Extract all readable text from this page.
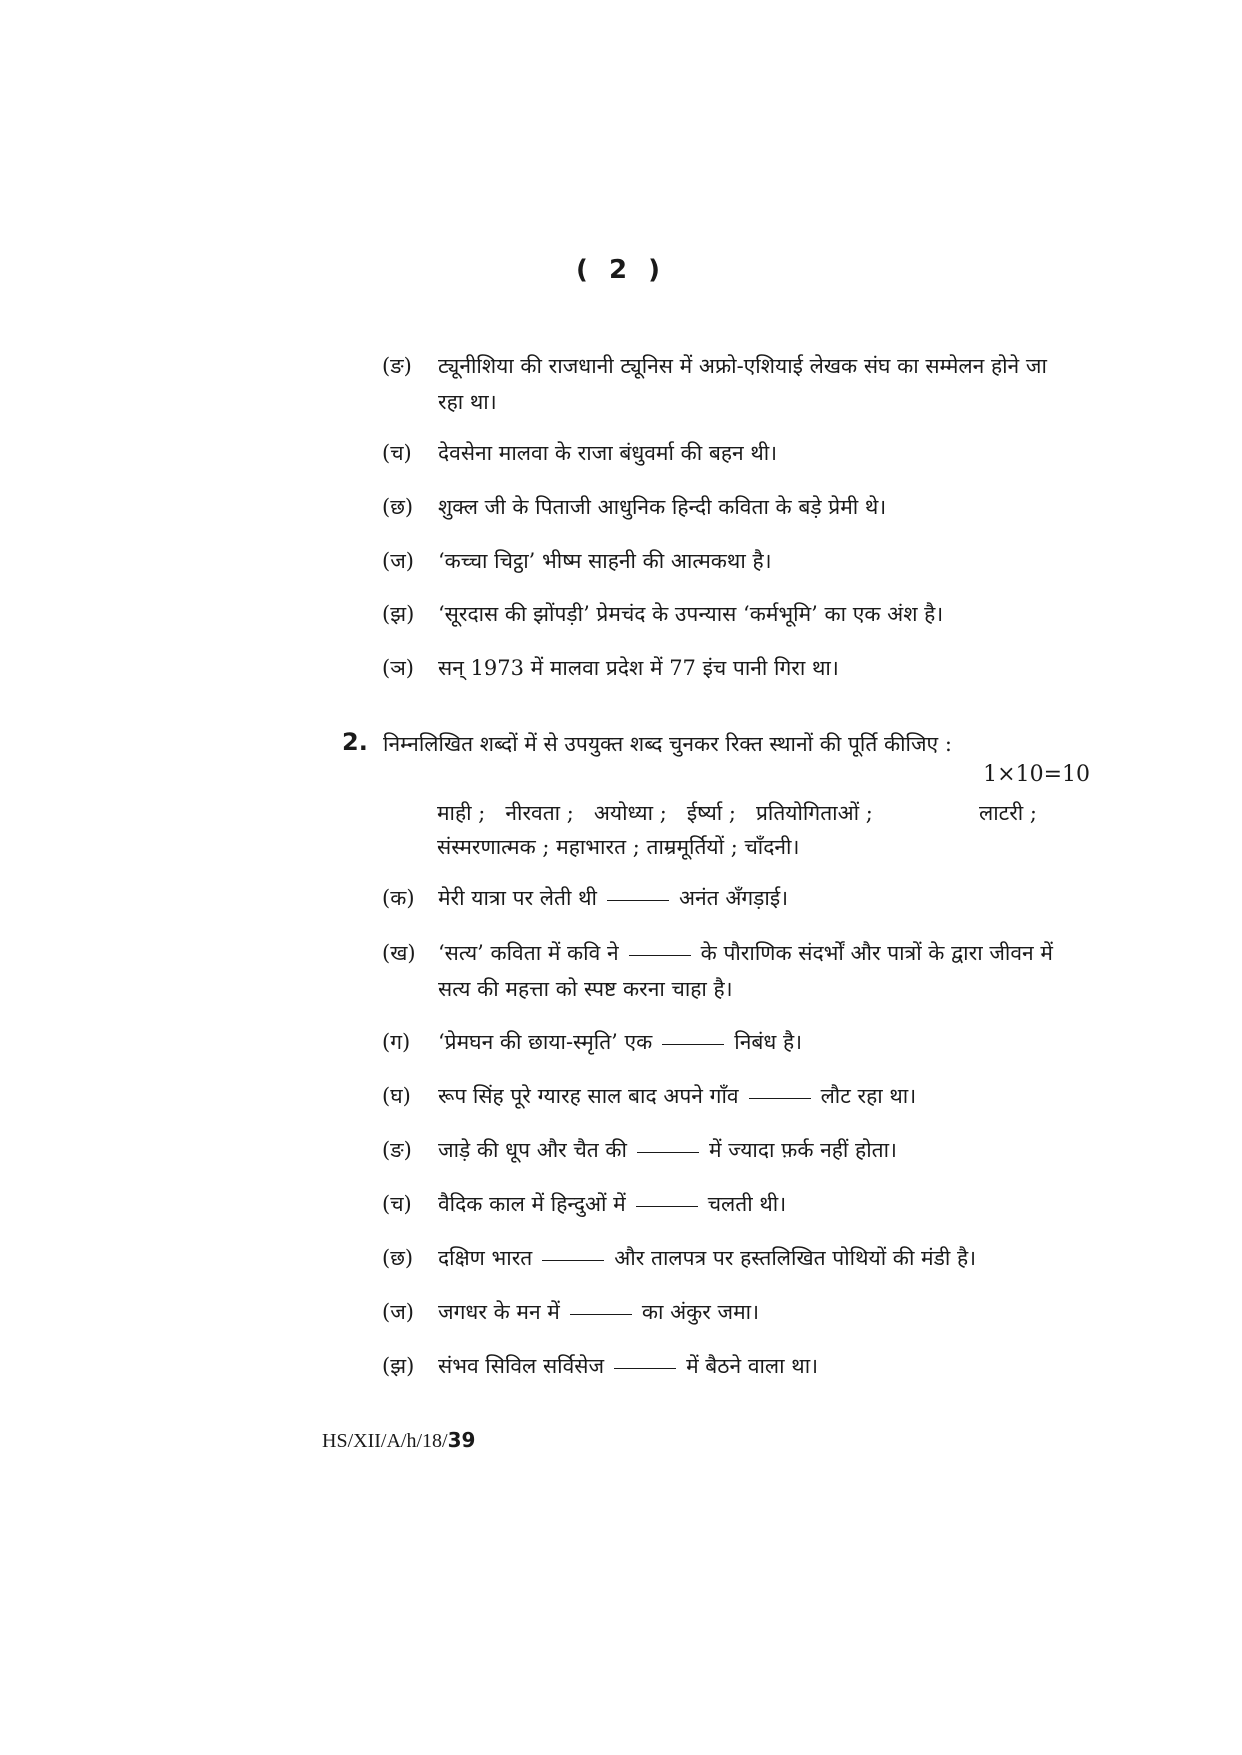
( 2 )
(ङ)	ट्यूनीशिया की राजधानी ट्यूनिस में अफ्रो-एशियाई लेखक संघ का सम्मेलन होने जा रहा था।
(च)	देवसेना मालवा के राजा बंधुवर्मा की बहन थी।
(छ)	शुक्ल जी के पिताजी आधुनिक हिन्दी कविता के बड़े प्रेमी थे।
(ज)	‘कच्चा चिट्ठा’ भीष्म साहनी की आत्मकथा है।
(झ)	‘सूरदास की झोंपड़ी’ प्रेमचंद के उपन्यास ‘कर्मभूमि’ का एक अंश है।
(ञ)	सन् 1973 में मालवा प्रदेश में 77 इंच पानी गिरा था।
2. निम्नलिखित शब्दों में से उपयुक्त शब्द चुनकर रिक्त स्थानों की पूर्ति कीजिए :
1×10=10
माही ; नीरवता ; अयोध्या ; ईर्ष्या ; प्रतियोगिताओं ;	लाटरी ;
संस्मरणात्मक ; महाभारत ; ताम्रमूर्तियों ; चाँदनी।
(क)	मेरी यात्रा पर लेती थी	अनंत अँगड़ाई।
(ख)	‘सत्य’ कविता में कवि ने	के पौराणिक संदर्भों और पात्रों के द्वारा जीवन में सत्य की महत्ता को स्पष्ट करना चाहा है।
(ग)	‘प्रेमघन की छाया-स्मृति’ एक	निबंध है।
(घ)	रूप सिंह पूरे ग्यारह साल बाद अपने गाँव	लौट रहा था।
(ङ)	जाड़े की धूप और चैत की	में ज्यादा फ़र्क नहीं होता।
(च)	वैदिक काल में हिन्दुओं में	चलती थी।
(छ)	दक्षिण भारत	और तालपत्र पर हस्तलिखित पोथियों की मंडी है।
(ज)	जगधर के मन में	का अंकुर जमा।
(झ)	संभव सिविल सर्विसेज	में बैठने वाला था।
HS/XII/A/h/18/39
